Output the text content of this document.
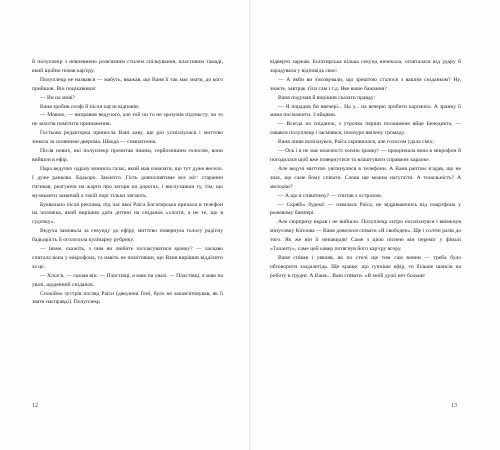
й полуплекр з невпевнено розв'язним стилем спілкування, властивим тамаді, який щойно почав кар'єру.

Полуплекр не назвався — мабуть, вважав, що Ваня її так має знати, до кого прийшов. Він поцікавився:

— Ви на мові?

Ваня зробив селфі й після паузи відповів:

— Мовою, — виправив ведучого, але той чи то не зрозумів підтексту, чи то не захотів помітити приниження.

Гостьова редакторка принесла Вані каву, ще раз усміхнулася і миттєво зникла за скляними дверима. Шкода — симпатична.

Після нових, які полуплекр прочитав іншим, серйознішим голосом, вони вийшли в ефір.

Пара ведучих одразу вчинила галас, який мав означати, що тут дуже весело. І дуже ранково. Бадьоро. Закінчто. Гість довполнятиме все мiг: старанно гигикав, реагуючи на жарти про затори на дорогах, і вислухавши ту, тім, що музиканти зазвичай о такій порі тільки лягають.

Буквально після реклама, під час якої Раїса Богатирська кричала в телефон на чоловіка, який вирішив дати дитині на сніданок «хлоп'я, а не те, що в судочку».

Ведуча замовкла за секунду до ефіру, миттєво повернула голосу радісну бадьорість й оголосила кулінарну рубрику.

— Іване, скажіть, з чим ви любите полласуватися зранку? — ласкаво спитала вона у мікрофона, та навіть не помітивши, що Ваня вирішив відділити за це.

— Хлоп'я, — сказав він. — Пластівці, я маю на увазі. — Пластівці, я маю на увазі, щоденний сніданок.

Спокійно зустрів погляд Раїси (дякуючи Гені, було не запам'ятовував, як її звати насправді). Полуплекр

відверто заржав. Богатирська кілька секунд вичекала, оговталася від удару й зарадувала у відповідь своє:

— А якби ви з'ясовували, що зрештою сталося з вашим сніданком? Ну, знаєте, завтрак з'їси сам і т.д. Яке ваше бажання?

Ваня подумав й вирішив сказати правду:

— Я порадив би ввечері... На у... на вечерю зробити карпаччо. А зранку її мама посмажити. З яйцями.

— Всегда на сніданок, з утрочка перши посмажене яйце Бенедикта, — озвався полуплекр і засміявся, похмуро ввічену громаду.

Ваня лише всміхнувся, Раїса скривилася, але голосом удала сміх:

— Ось і я не має власності хоплю зранку! — прокричала вона в мікрофон й погодилася щоб вже повернутися та влаштувати справжнє караоке.

Але ведучі миттєво увіткнулися в телефони. А Ваня раптом згадав, що не знає, що саме йому співати. Слова ще можна нагугліти. А тональність? А мелодію?

— А що я співатиму? — спитав з острахом.

— Скрябі» будеш! — озвалася Раїса, не відриваючись від смартфона у рожевому бампері.

Але сюрпризу вкрав і не вийшло. Полуплекр хитро посміхнувся і ввімкнув мінусовку Кіплова — Ваня довелося співати «Я свободен». Ще і солтні разів до того. Як же він її ненавидів! Саме з цією піснею він переміг у фіналі «Таланту», саме цей кавер потягнув його кар'єру вгору.

Ваня співав і уявляв, як по стелі ще тим сам вонни — треба було обговорити заздалегідь. Ще краще: що гучніше ефір, то більше шансів на роботу в грудні. А Ваня... Вані співати. «В моїй душі нет больше

12	13
